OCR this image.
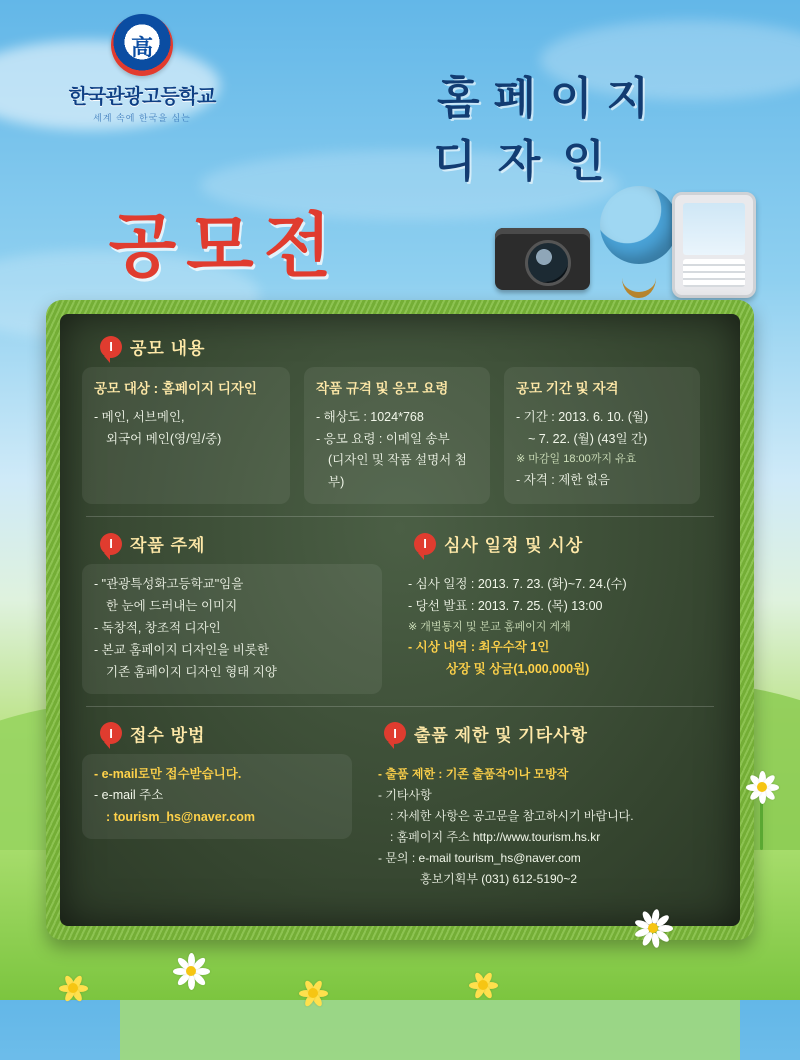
高
한국관광고등학교
세계 속에 한국을 심는	홈페이지
디자인
공모전
I	공모 내용
공모 대상 : 홈페이지 디자인
- 메인, 서브메인,
외국어 메인(영/일/중)
작품 규격 및 응모 요령
- 해상도 : 1024*768
- 응모 요령 : 이메일 송부
(디자인 및 작품 설명서 첨부)
공모 기간 및 자격
- 기간 : 2013. 6. 10. (월)
~ 7. 22. (월) (43일 간)
※ 마감일 18:00까지 유효
- 자격 : 제한 없음
I	작품 주제
- "관광특성화고등학교"임을
한 눈에 드러내는 이미지
- 독창적, 창조적 디자인
- 본교 홈페이지 디자인을 비롯한
기존 홈페이지 디자인 형태 지양
I	심사 일정 및 시상
- 심사 일정 : 2013. 7. 23. (화)~7. 24.(수)
- 당선 발표 : 2013. 7. 25. (목) 13:00
※ 개별통지 및 본교 홈페이지 게재
- 시상 내역 : 최우수작 1인
상장 및 상금(1,000,000원)
I	접수 방법
- e-mail로만 접수받습니다.
- e-mail 주소
: tourism_hs@naver.com
I	출품 제한 및 기타사항
- 출품 제한 : 기존 출품작이나 모방작
- 기타사항
: 자세한 사항은 공고문을 참고하시기 바랍니다.
: 홈페이지 주소 http://www.tourism.hs.kr
- 문의 : e-mail tourism_hs@naver.com
홍보기획부 (031) 612-5190~2
